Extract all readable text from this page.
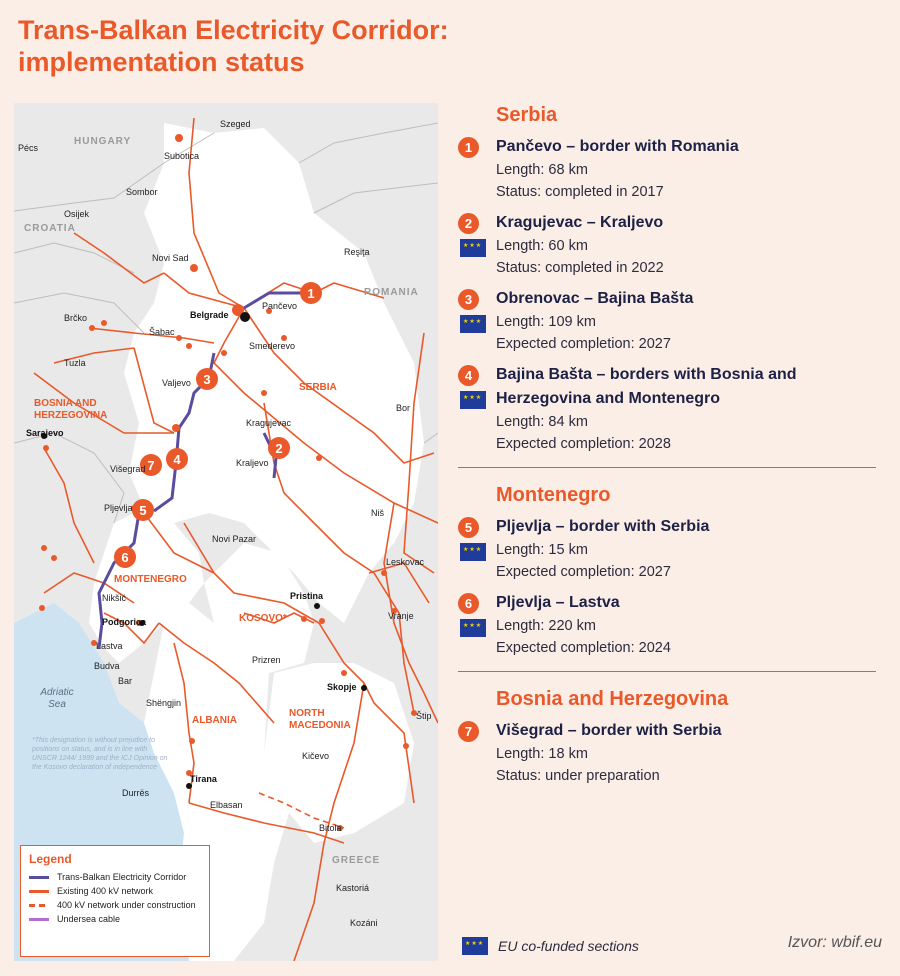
Trans-Balkan Electricity Corridor:
implementation status
1
2
3
4
5
6
7
HUNGARY
CROATIA
ROMANIA
SERBIA
BOSNIA AND HERZEGOVINA
MONTENEGRO
KOSOVO*
NORTH MACEDONIA
ALBANIA
GREECE
Szeged
Pécs
Subotica
Sombor
Osijek
Novi Sad
Reşiţa
Brčko
Šabac
Belgrade
Pančevo
Smederevo
Tuzla
Valjevo
Bor
Kragujevac
Sarajevo
Kraljevo
Višegrad
Pljevlja	Niš
Novi Pazar
Leskovac
Pristina
Vranje
Nikšić
Podgorica
Lastva
Prizren
Budva
Bar
Skopje
Štip
Shëngjin
Kičevo
Tirana
Durrës
Elbasan
Bitola
Kastoriá
Kozáni
Adriatic Sea
*This designation is without prejudice to positions on status, and is in line with UNSCR 1244/ 1999 and the ICJ Opinion on the Kosovo declaration of independence
Legend
Trans-Balkan Electricity Corridor
Existing 400 kV network
400 kV network under construction
Undersea cable
Serbia
1	Pančevo – border with Romania
Length: 68 km
Status: completed in 2017
2
★★★	Kragujevac – Kraljevo
Length: 60 km
Status: completed in 2022
3
★★★	Obrenovac – Bajina Bašta
Length: 109 km
Expected completion: 2027
4
★★★	Bajina Bašta – borders with Bosnia and Herzegovina and Montenegro
Length: 84 km
Expected completion: 2028
Montenegro
5
★★★	Pljevlja – border with Serbia
Length: 15 km
Expected completion: 2027
6
★★★	Pljevlja – Lastva
Length: 220 km
Expected completion: 2024
Bosnia and Herzegovina
7	Višegrad – border with Serbia
Length: 18 km
Status: under preparation
★★★
EU co-funded sections	Izvor: wbif.eu
